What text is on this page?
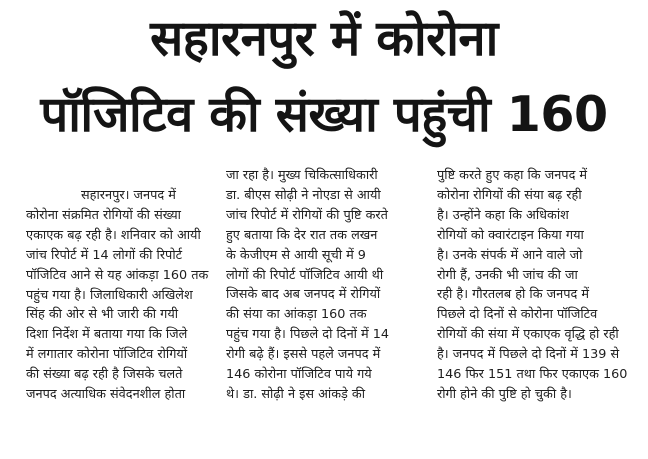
सहारनपुर में कोरोना
पॉजिटिव की संख्या पहुंची 160
सहारनपुर। जनपद में
कोरोना संक्रमित रोगियों की संख्या
एकाएक बढ़ रही है। शनिवार को आयी
जांच रिपोर्ट में 14 लोगों की रिपोर्ट
पॉजिटिव आने से यह आंकड़ा 160 तक
पहुंच गया है। जिलाधिकारी अखिलेश
सिंह की ओर से भी जारी की गयी
दिशा निर्देश में बताया गया कि जिले
में लगातार कोरोना पॉजिटिव रोगियों
की संख्या बढ़ रही है जिसके चलते
जनपद अत्याधिक संवेदनशील होता
जा रहा है। मुख्य चिकित्साधिकारी
डा. बीएस सोढ़ी ने नोएडा से आयी
जांच रिपोर्ट में रोगियों की पुष्टि करते
हुए बताया कि देर रात तक लखन
के केजीएम से आयी सूची में 9
लोगों की रिपोर्ट पॉजिटिव आयी थी
जिसके बाद अब जनपद में रोगियों
की संया का आंकड़ा 160 तक
पहुंच गया है। पिछले दो दिनों में 14
रोगी बढ़े हैं। इससे पहले जनपद में
146 कोरोना पॉजिटिव पाये गये
थे। डा. सोढ़ी ने इस आंकड़े की
पुष्टि करते हुए कहा कि जनपद में
कोरोना रोगियों की संया बढ़ रही
है। उन्होंने कहा कि अधिकांश
रोगियों को क्वारंटाइन किया गया
है। उनके संपर्क में आने वाले जो
रोगी हैं, उनकी भी जांच की जा
रही है। गौरतलब हो कि जनपद में
पिछले दो दिनों से कोरोना पॉजिटिव
रोगियों की संया में एकाएक वृद्धि हो रही
है। जनपद में पिछले दो दिनों में 139 से
146 फिर 151 तथा फिर एकाएक 160
रोगी होने की पुष्टि हो चुकी है।
